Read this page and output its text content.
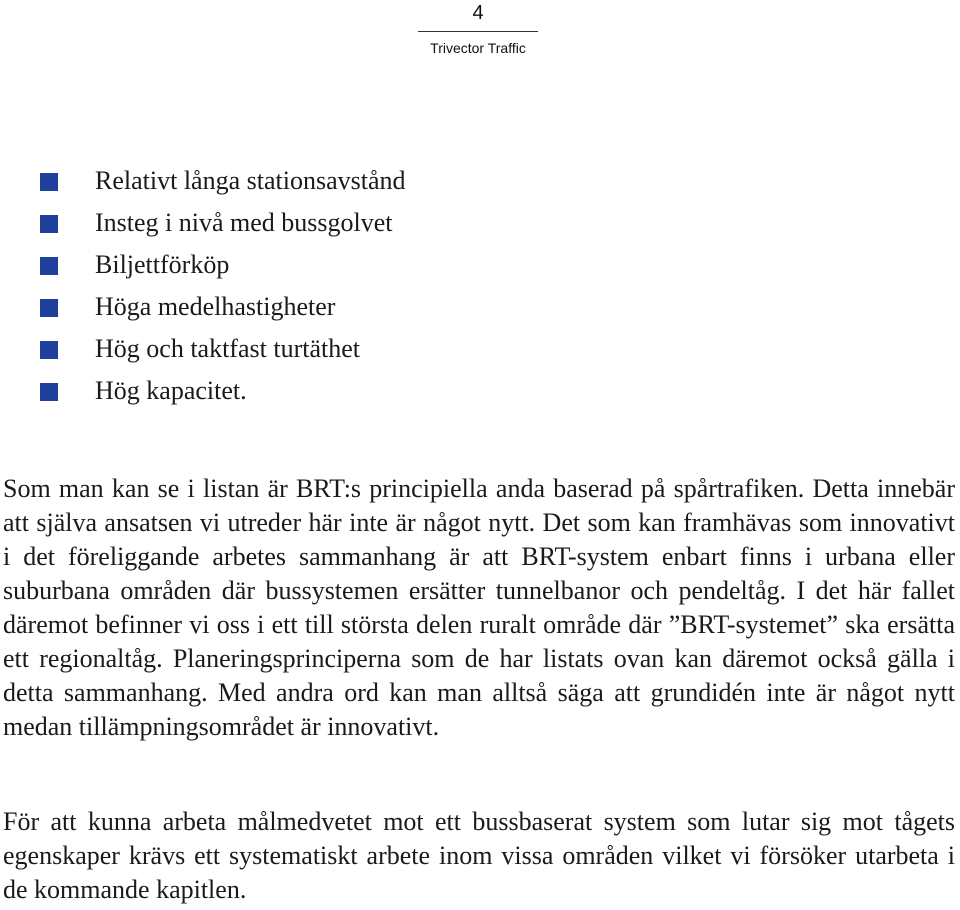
4
Trivector Traffic
Relativt långa stationsavstånd
Insteg i nivå med bussgolvet
Biljettförköp
Höga medelhastigheter
Hög och taktfast turtäthet
Hög kapacitet.

Som man kan se i listan är BRT:s principiella anda baserad på spårtrafiken. Detta innebär att själva ansatsen vi utreder här inte är något nytt. Det som kan framhävas som innovativt i det föreliggande arbetes sammanhang är att BRT-system enbart finns i urbana eller suburbana områden där bussystemen ersätter tunnelbanor och pendeltåg. I det här fallet däremot befinner vi oss i ett till största delen ruralt område där ”BRT-systemet” ska ersätta ett regionaltåg. Planeringsprinciperna som de har listats ovan kan däremot också gälla i detta sammanhang. Med andra ord kan man alltså säga att grundidén inte är något nytt medan tillämpningsområdet är innovativt.

För att kunna arbeta målmedvetet mot ett bussbaserat system som lutar sig mot tågets egenskaper krävs ett systematiskt arbete inom vissa områden vilket vi försöker utarbeta i de kommande kapitlen.
